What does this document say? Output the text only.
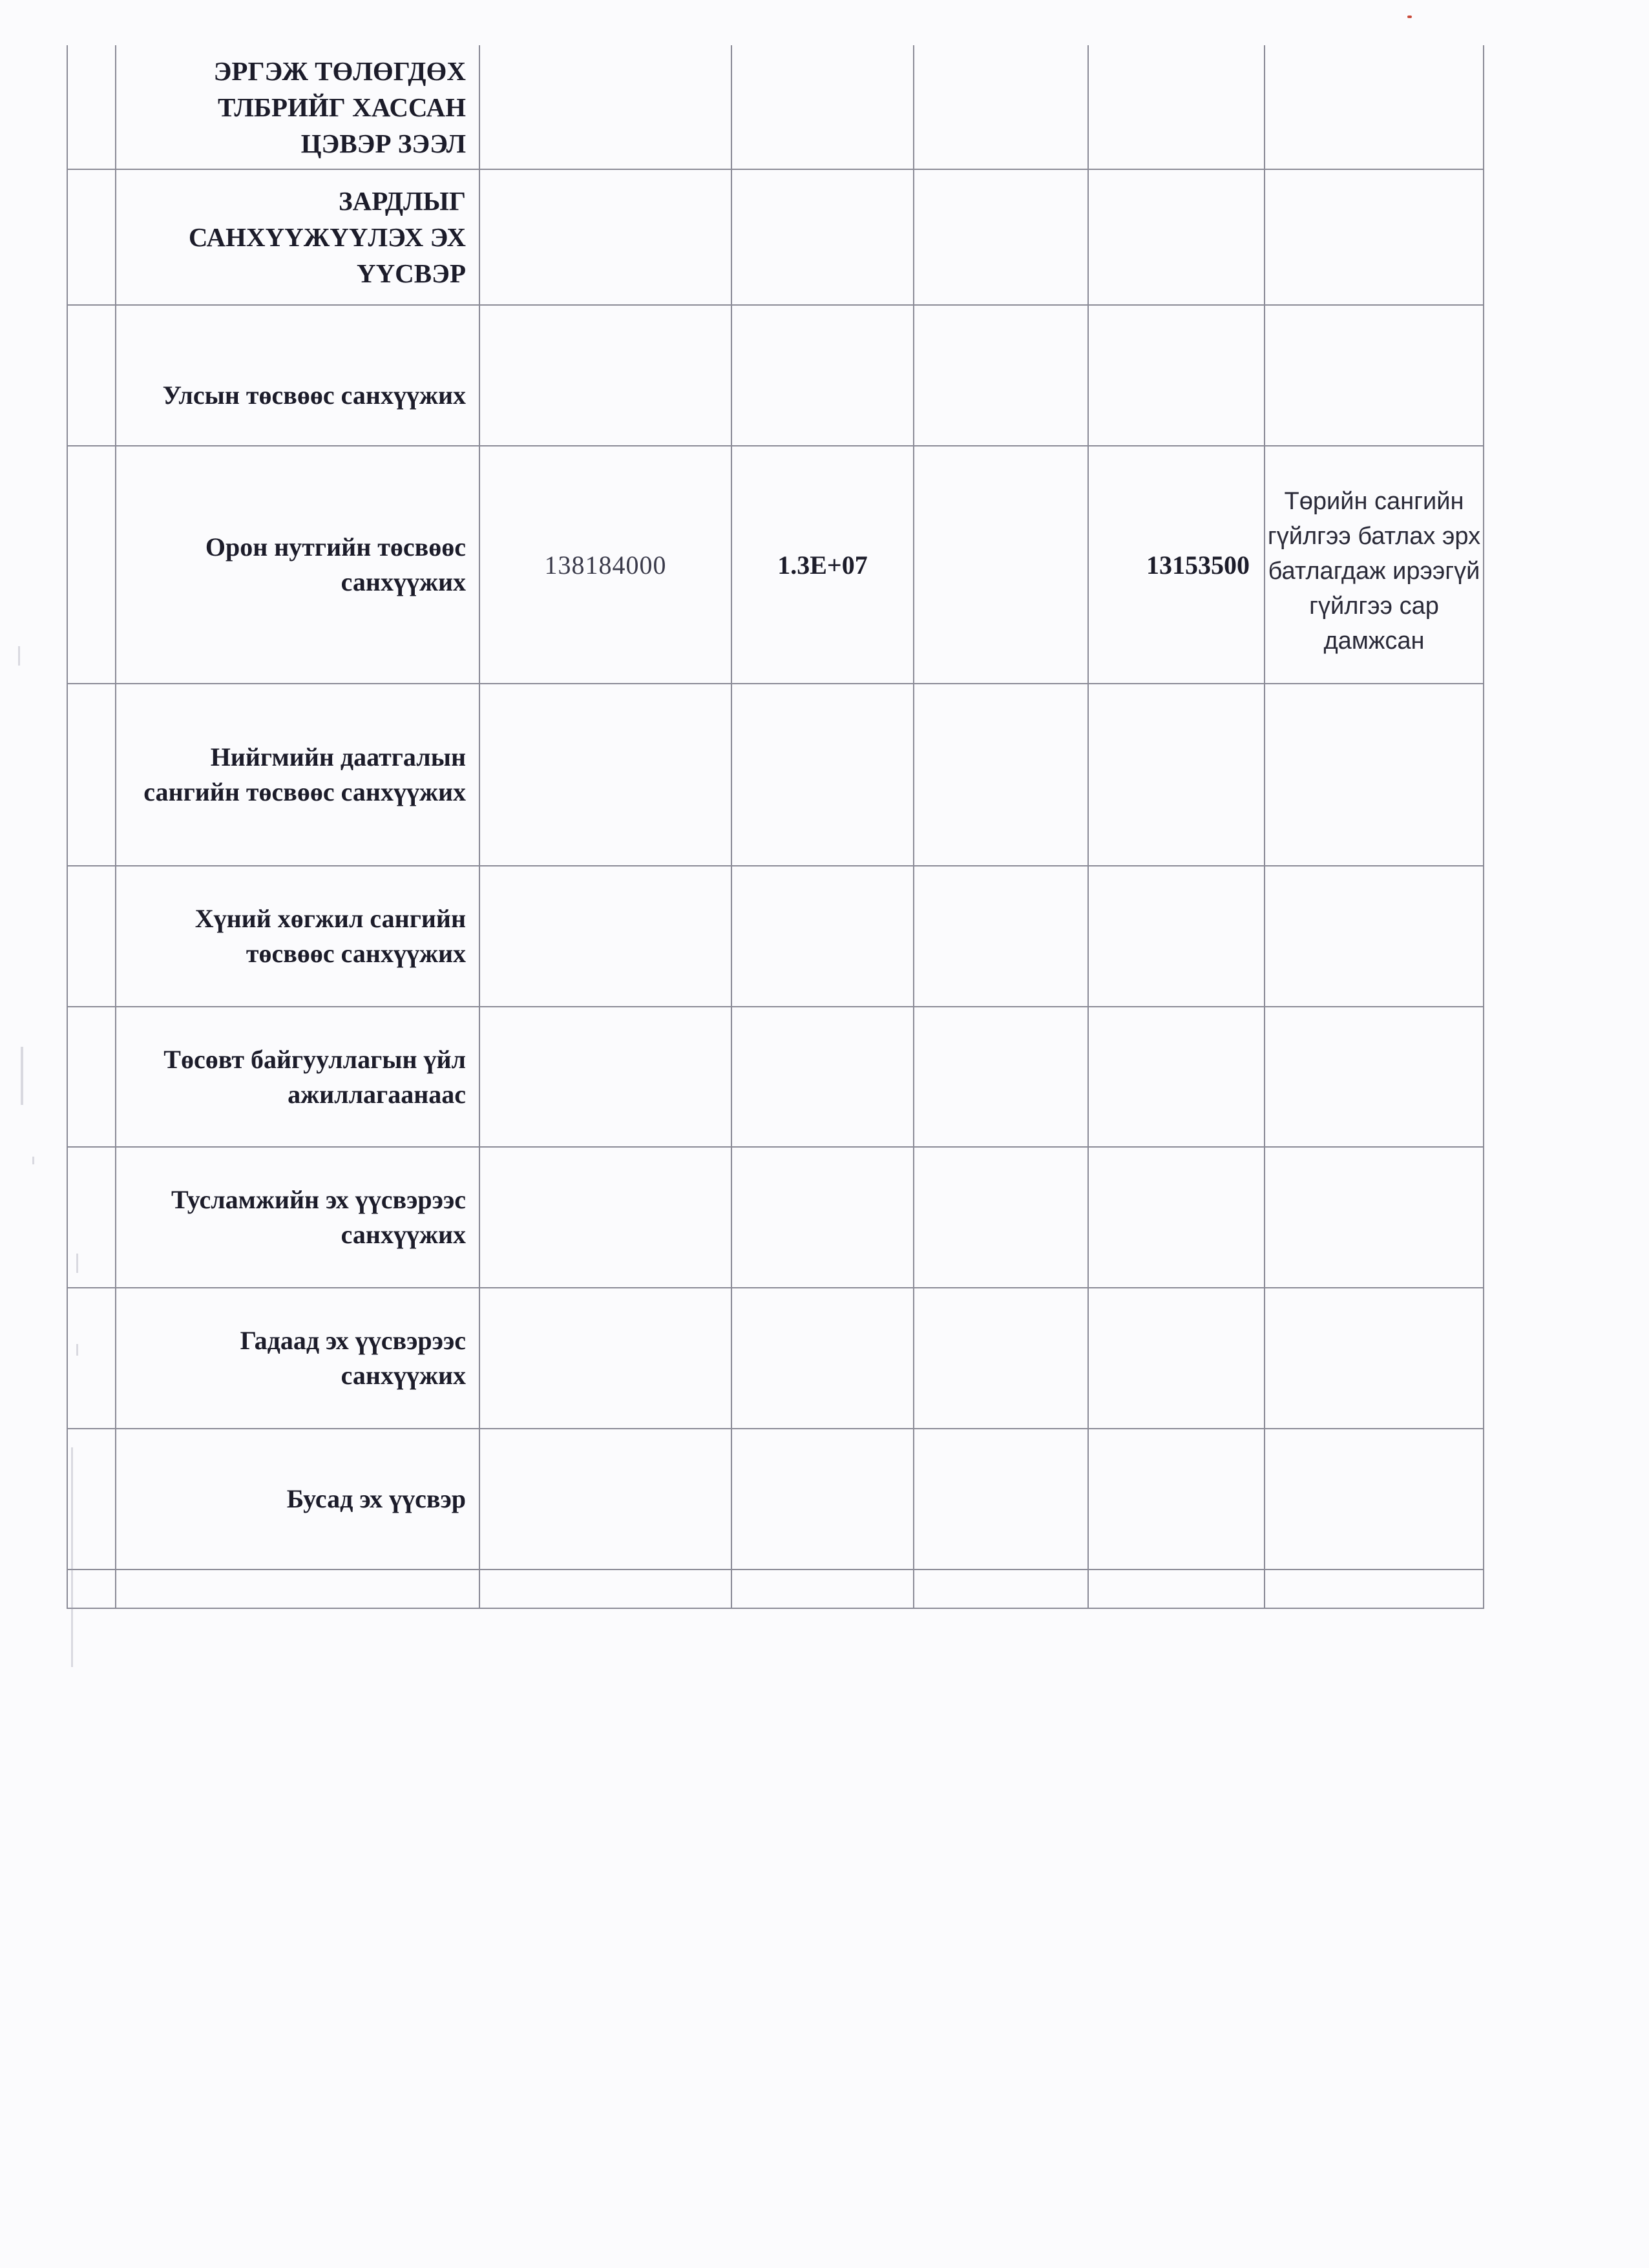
	ЭРГЭЖ ТӨЛӨГДӨХ ТЛБРИЙГ ХАССАН ЦЭВЭР ЗЭЭЛ					
	ЗАРДЛЫГ САНХҮҮЖҮҮЛЭХ ЭХ ҮҮСВЭР					

	Улсын төсвөөс санхүүжих					

	Орон нутгийн төсвөөс санхүүжих	138184000	1.3E+07		13153500	Төрийн сангийн гүйлгээ батлах эрх батлагдаж ирээгүй гүйлгээ сар дамжсан
	Нийгмийн даатгалын сангийн төсвөөс санхүүжих					
	Хүний хөгжил сангийн төсвөөс санхүүжих					
	Төсөвт байгууллагын үйл ажиллагаанаас					
	Тусламжийн эх үүсвэрээс санхүүжих					
	Гадаад эх үүсвэрээс санхүүжих					
	Бусад эх үүсвэр					
